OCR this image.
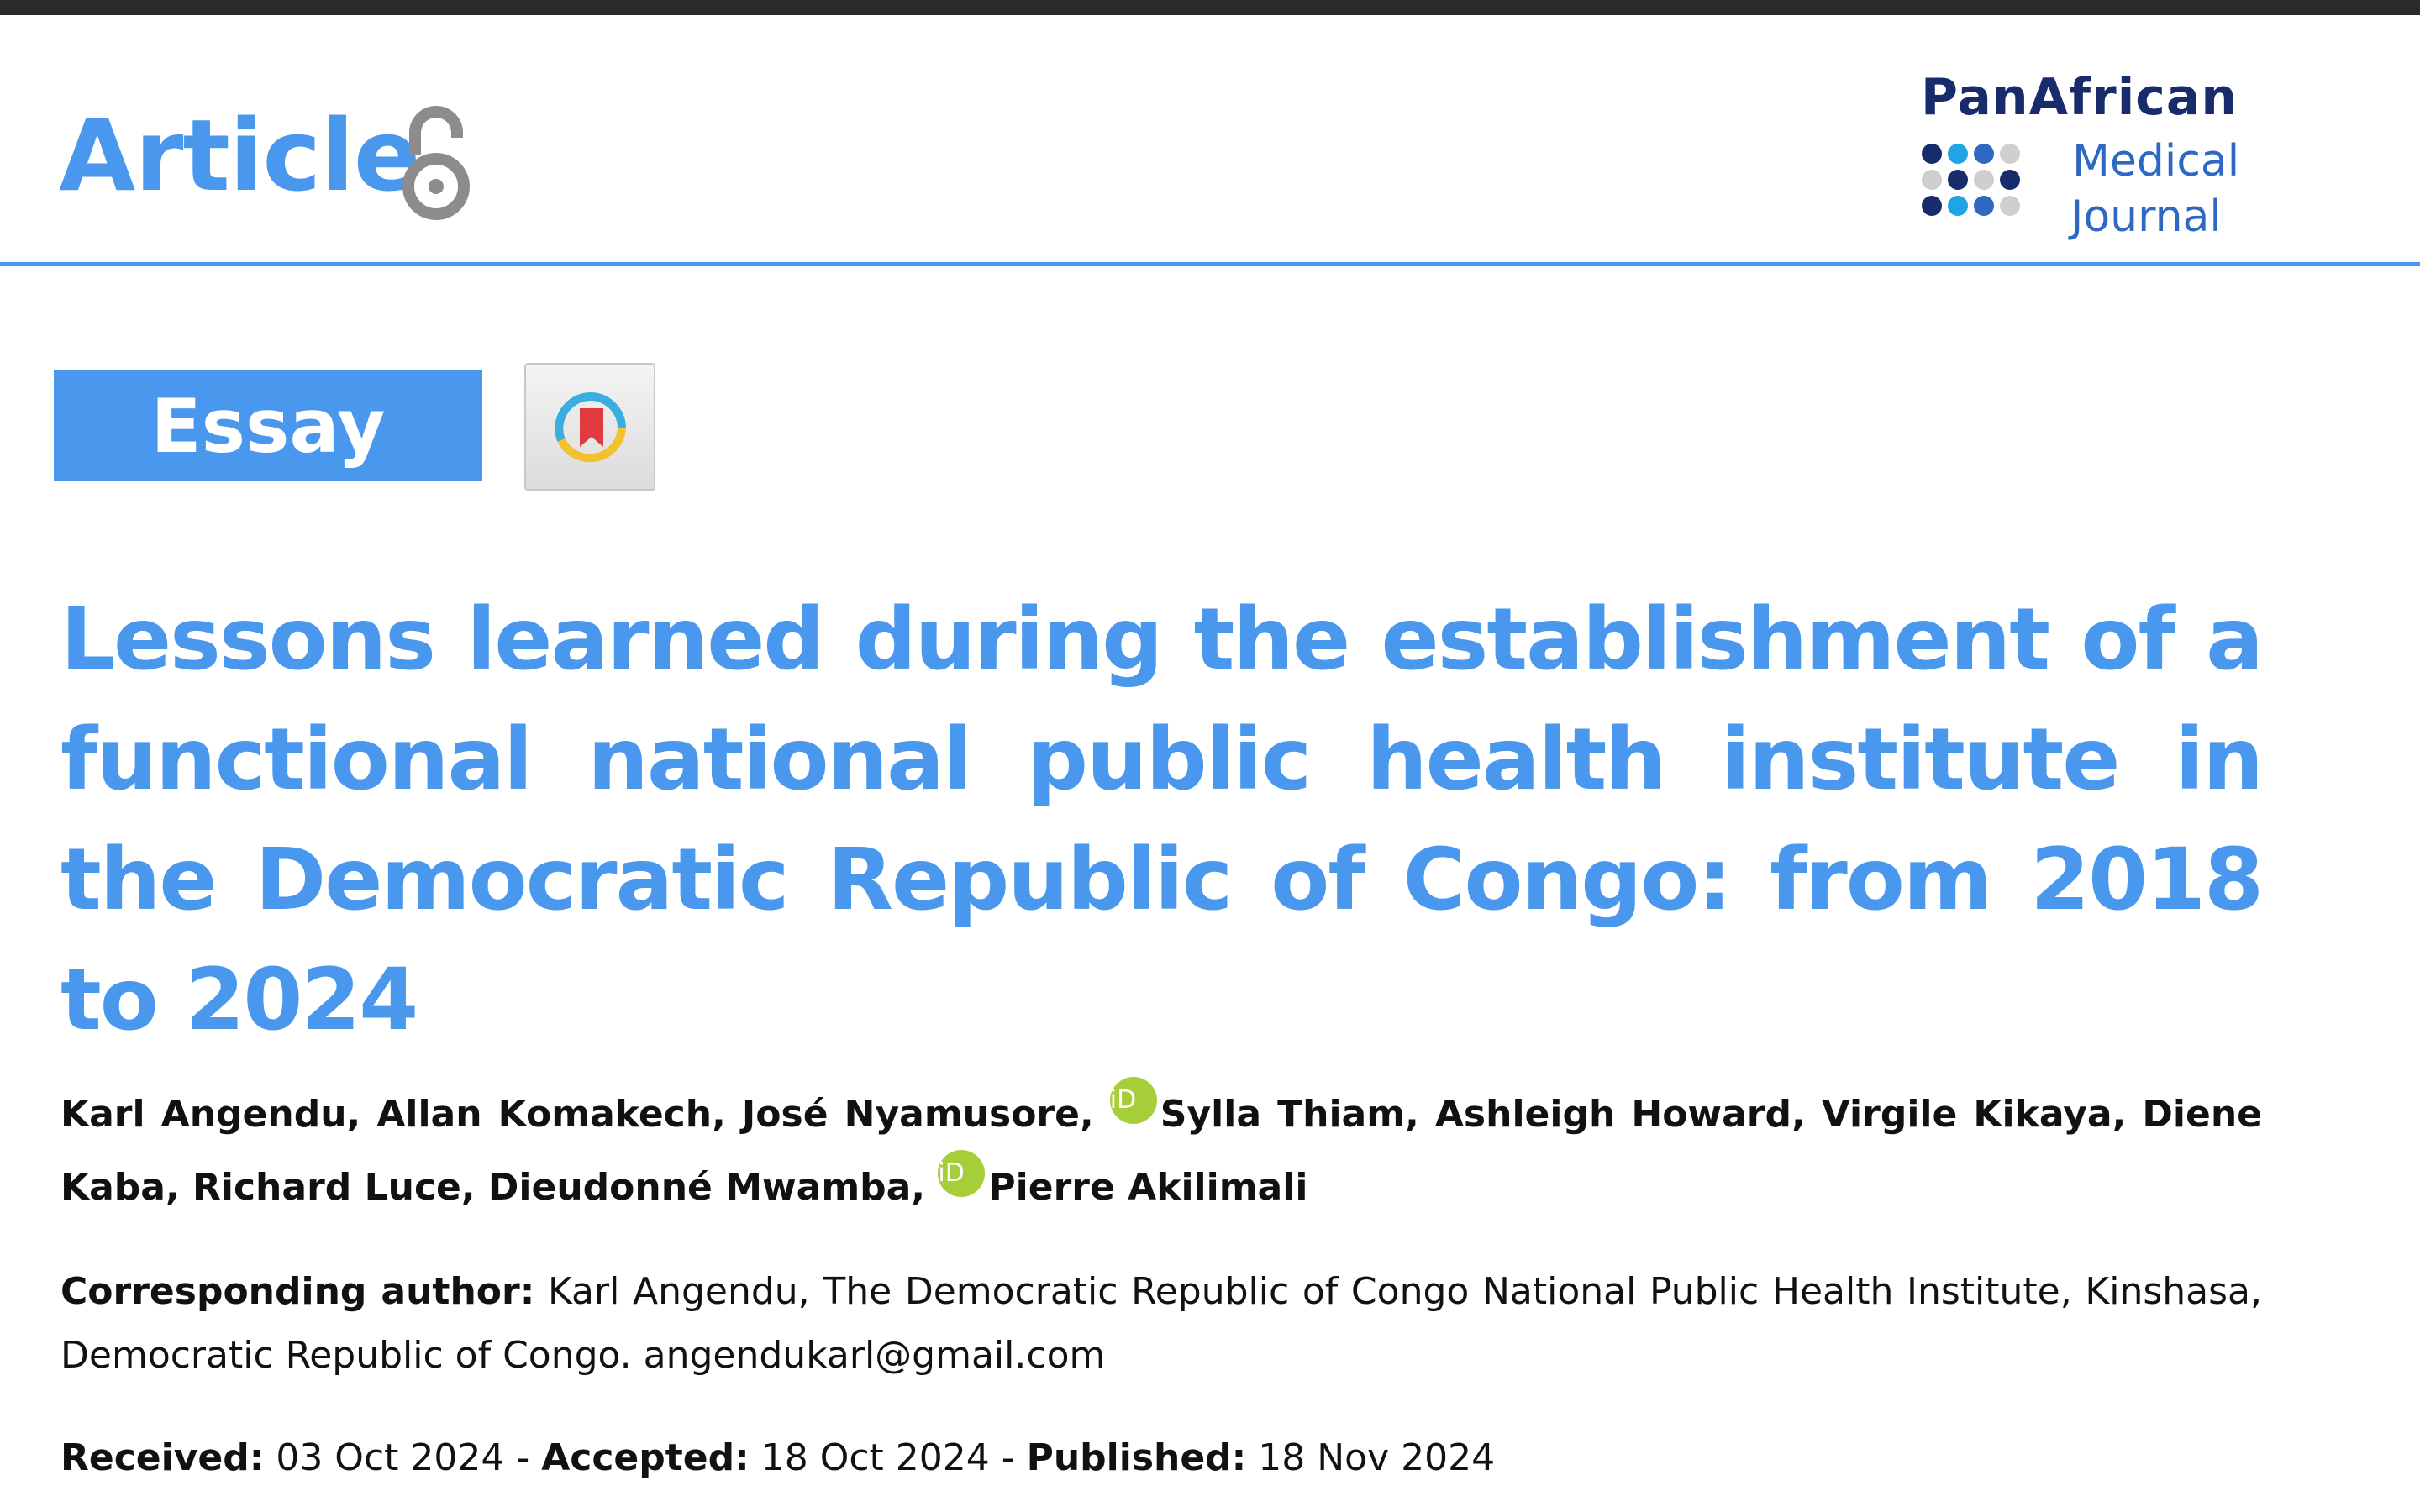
Article	PanAfrican
Medical
Journal
Essay
Lessons learned during the establishment of a functional national public health institute in the Democratic Republic of Congo: from 2018 to 2024
Karl Angendu, Allan Komakech, José Nyamusore, iD Sylla Thiam, Ashleigh Howard, Virgile Kikaya, Diene Kaba, Richard Luce, Dieudonné Mwamba, iD Pierre Akilimali
Corresponding author: Karl Angendu, The Democratic Republic of Congo National Public Health Institute, Kinshasa, Democratic Republic of Congo. angendukarl@gmail.com
Received: 03 Oct 2024 - Accepted: 18 Oct 2024 - Published: 18 Nov 2024
